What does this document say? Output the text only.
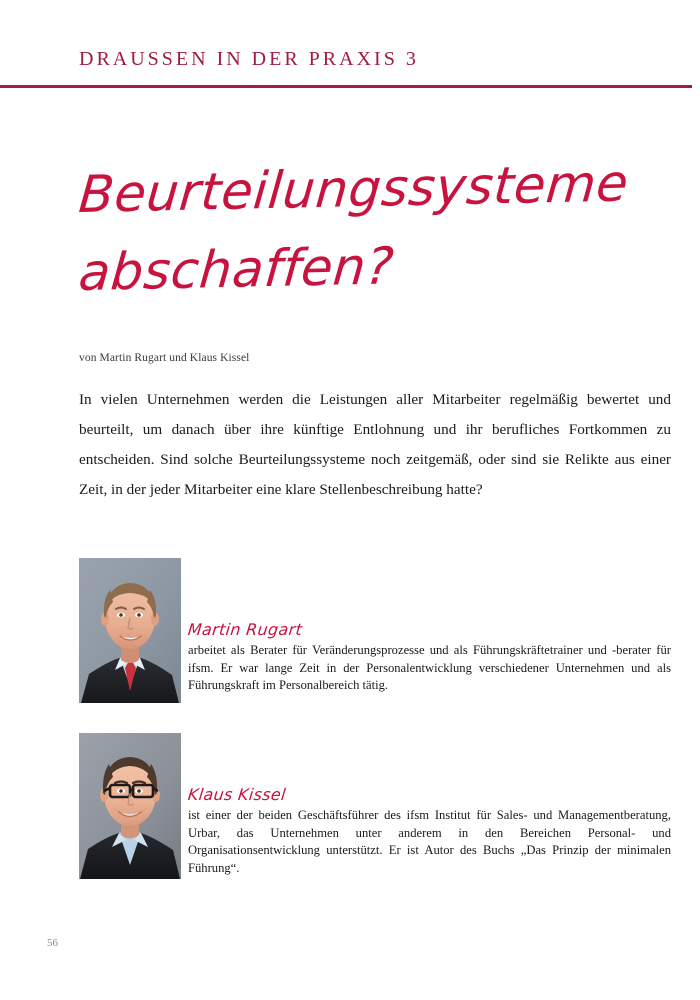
DRAUSSEN IN DER PRAXIS 3
Beurteilungssysteme
abschaffen?
von Martin Rugart und Klaus Kissel
In vielen Unternehmen werden die Leistungen aller Mitarbeiter regelmäßig bewertet und beurteilt, um danach über ihre künftige Entlohnung und ihr berufliches Fortkommen zu entscheiden. Sind solche Beurteilungssysteme noch zeitgemäß, oder sind sie Relikte aus einer Zeit, in der jeder Mitarbeiter eine klare Stellenbeschreibung hatte?
Martin Rugart
arbeitet als Berater für Veränderungsprozesse und als Führungskräftetrainer und -berater für ifsm. Er war lange Zeit in der Personalentwicklung verschiedener Unternehmen und als Führungskraft im Personalbereich tätig.
Klaus Kissel
ist einer der beiden Geschäftsführer des ifsm Institut für Sales- und Managementberatung, Urbar, das Unternehmen unter anderem in den Bereichen Personal- und Organisationsentwicklung unterstützt. Er ist Autor des Buchs „Das Prinzip der minimalen Führung“.
56
